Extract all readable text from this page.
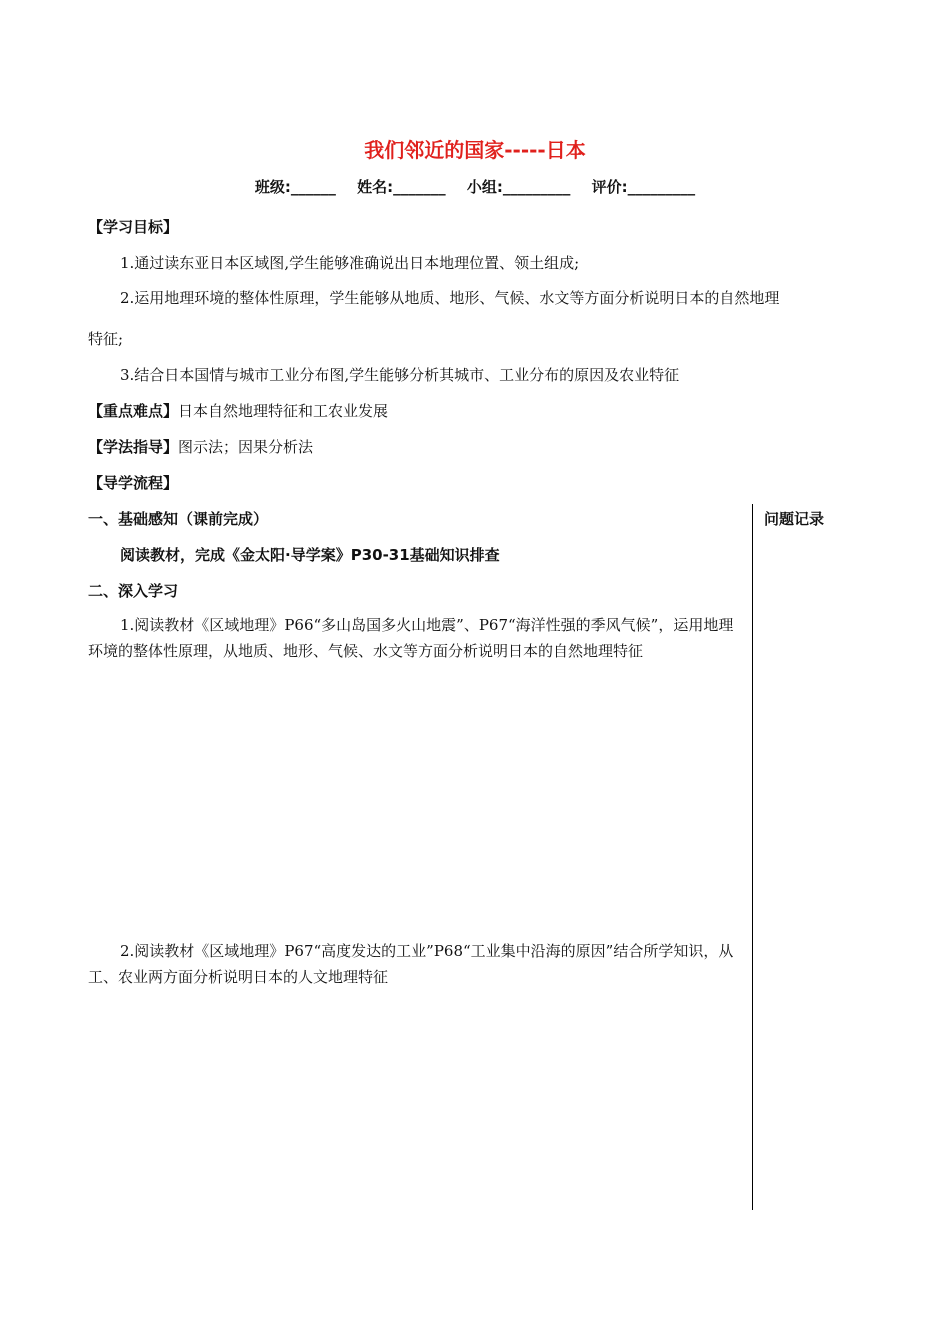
我们邻近的国家-----日本
班级:______ 姓名:_______ 小组:_________ 评价:_________
【学习目标】
1.通过读东亚日本区域图,学生能够准确说出日本地理位置、领土组成;
2.运用地理环境的整体性原理，学生能够从地质、地形、气候、水文等方面分析说明日本的自然地理
特征;
3.结合日本国情与城市工业分布图,学生能够分析其城市、工业分布的原因及农业特征
【重点难点】日本自然地理特征和工农业发展
【学法指导】图示法；因果分析法
【导学流程】
问题记录
一、基础感知（课前完成）
阅读教材，完成《金太阳·导学案》P30-31基础知识排查
二、深入学习
1.阅读教材《区域地理》P66“多山岛国多火山地震”、P67“海洋性强的季风气候”，运用地理环境的整体性原理，从地质、地形、气候、水文等方面分析说明日本的自然地理特征
2.阅读教材《区域地理》P67“高度发达的工业”P68“工业集中沿海的原因”结合所学知识，从工、农业两方面分析说明日本的人文地理特征
